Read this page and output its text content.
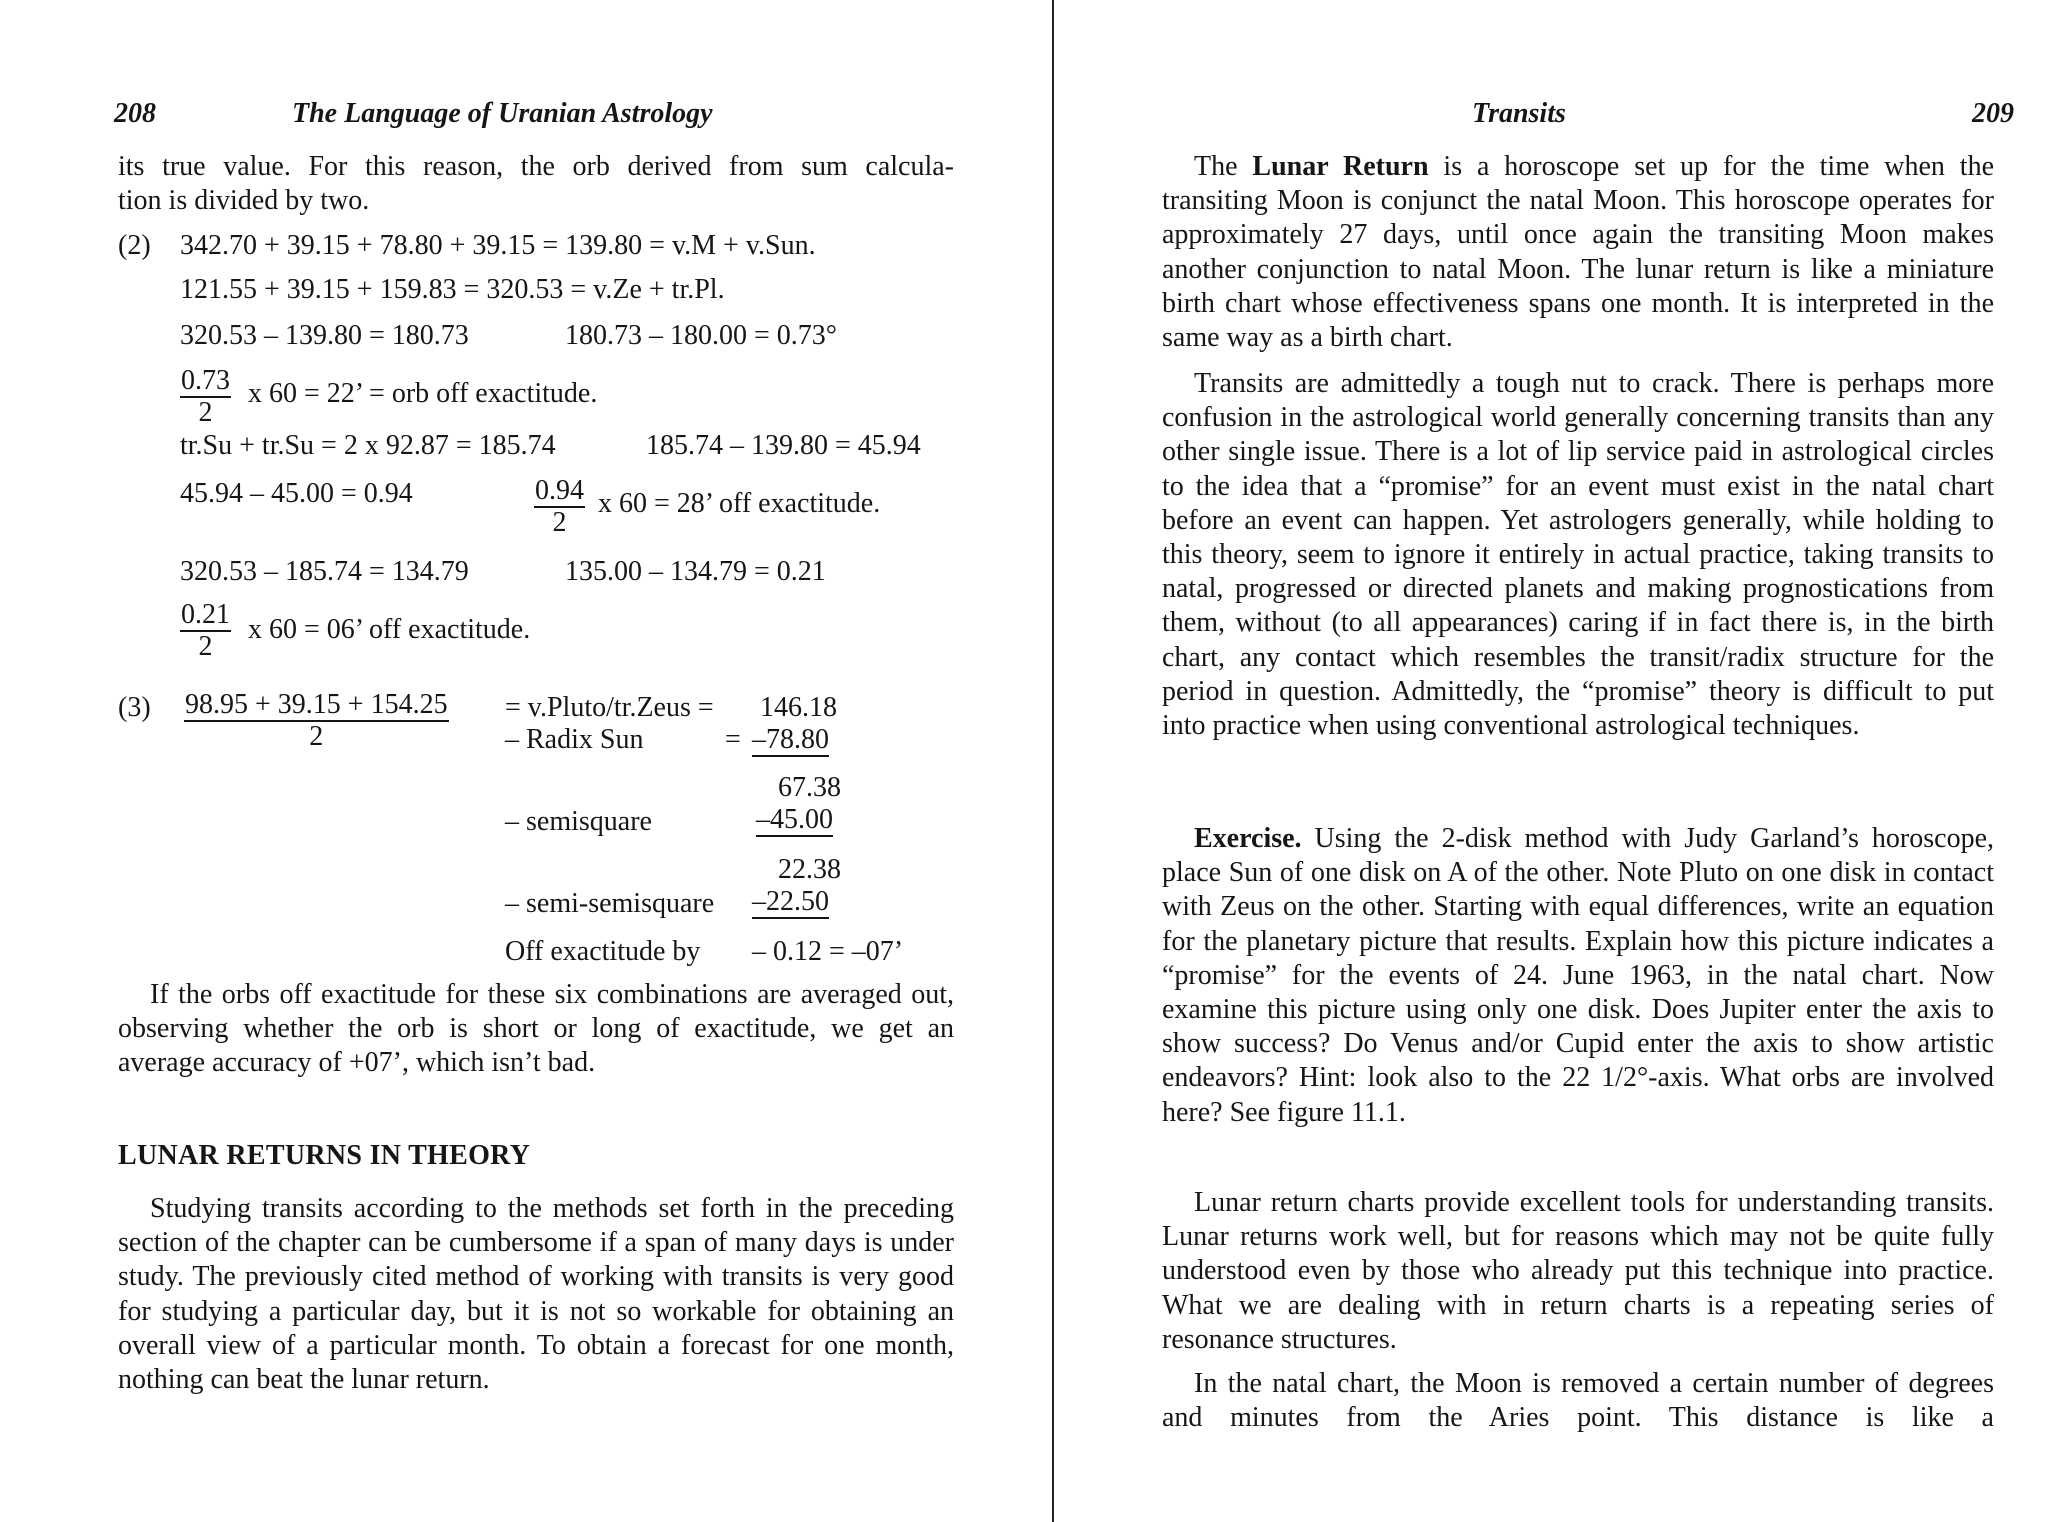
208	The Language of Uranian Astrology
its true value. For this reason, the orb derived from sum calcula-
tion is divided by two.
(2) 342.70 + 39.15 + 78.80 + 39.15 = 139.80 = v.M + v.Sun.
121.55 + 39.15 + 159.83 = 320.53 = v.Ze + tr.Pl.
320.53 – 139.80 = 180.73	180.73 – 180.00 = 0.73°
$\frac{0.73}{2}$ x 60 = 22’ = orb off exactitude.
tr.Su + tr.Su = 2 x 92.87 = 185.74	185.74 – 139.80 = 45.94
45.94 – 45.00 = 0.94	$\frac{0.94}{2}$ x 60 = 28’ off exactitude.
320.53 – 185.74 = 134.79	135.00 – 134.79 = 0.21
$\frac{0.21}{2}$ x 60 = 06’ off exactitude.
$(3) \frac{98.95 + 39.15 + 154.25}{2}$ = v.Pluto/tr.Zeus = 146.18
– Radix Sun	= –78.80
67.38
– semisquare	–45.00
22.38
– semi-semisquare –22.50
Off exactitude by – 0.12 = –07’

If the orbs off exactitude for these six combinations are averaged out, observing whether the orb is short or long of exactitude, we get an average accuracy of +07’, which isn’t bad.

LUNAR RETURNS IN THEORY

Studying transits according to the methods set forth in the preceding section of the chapter can be cumbersome if a span of many days is under study. The previously cited method of working with transits is very good for studying a particular day, but it is not so workable for obtaining an overall view of a particular month. To obtain a forecast for one month, nothing can beat the lunar return.

Transits	209

The Lunar Return is a horoscope set up for the time when the transiting Moon is conjunct the natal Moon. This horoscope operates for approximately 27 days, until once again the transiting Moon makes another conjunction to natal Moon. The lunar return is like a miniature birth chart whose effectiveness spans one month. It is interpreted in the same way as a birth chart.

Transits are admittedly a tough nut to crack. There is perhaps more confusion in the astrological world generally concerning transits than any other single issue. There is a lot of lip service paid in astrological circles to the idea that a “promise” for an event must exist in the natal chart before an event can happen. Yet astrologers generally, while holding to this theory, seem to ignore it entirely in actual practice, taking transits to natal, progressed or directed planets and making prognostications from them, without (to all appearances) caring if in fact there is, in the birth chart, any contact which resembles the transit/radix structure for the period in question. Admittedly, the “promise” theory is difficult to put into practice when using conventional astrological techniques.

Exercise. Using the 2-disk method with Judy Garland’s horoscope, place Sun of one disk on A of the other. Note Pluto on one disk in contact with Zeus on the other. Starting with equal differences, write an equation for the planetary picture that results. Explain how this picture indicates a “promise” for the events of 24. June 1963, in the natal chart. Now examine this picture using only one disk. Does Jupiter enter the axis to show success? Do Venus and/or Cupid enter the axis to show artistic endeavors? Hint: look also to the 22 1/2°-axis. What orbs are involved here? See figure 11.1.

Lunar return charts provide excellent tools for understanding transits. Lunar returns work well, but for reasons which may not be quite fully understood even by those who already put this technique into practice. What we are dealing with in return charts is a repeating series of resonance structures.

In the natal chart, the Moon is removed a certain number of degrees and minutes from the Aries point. This distance is like a
